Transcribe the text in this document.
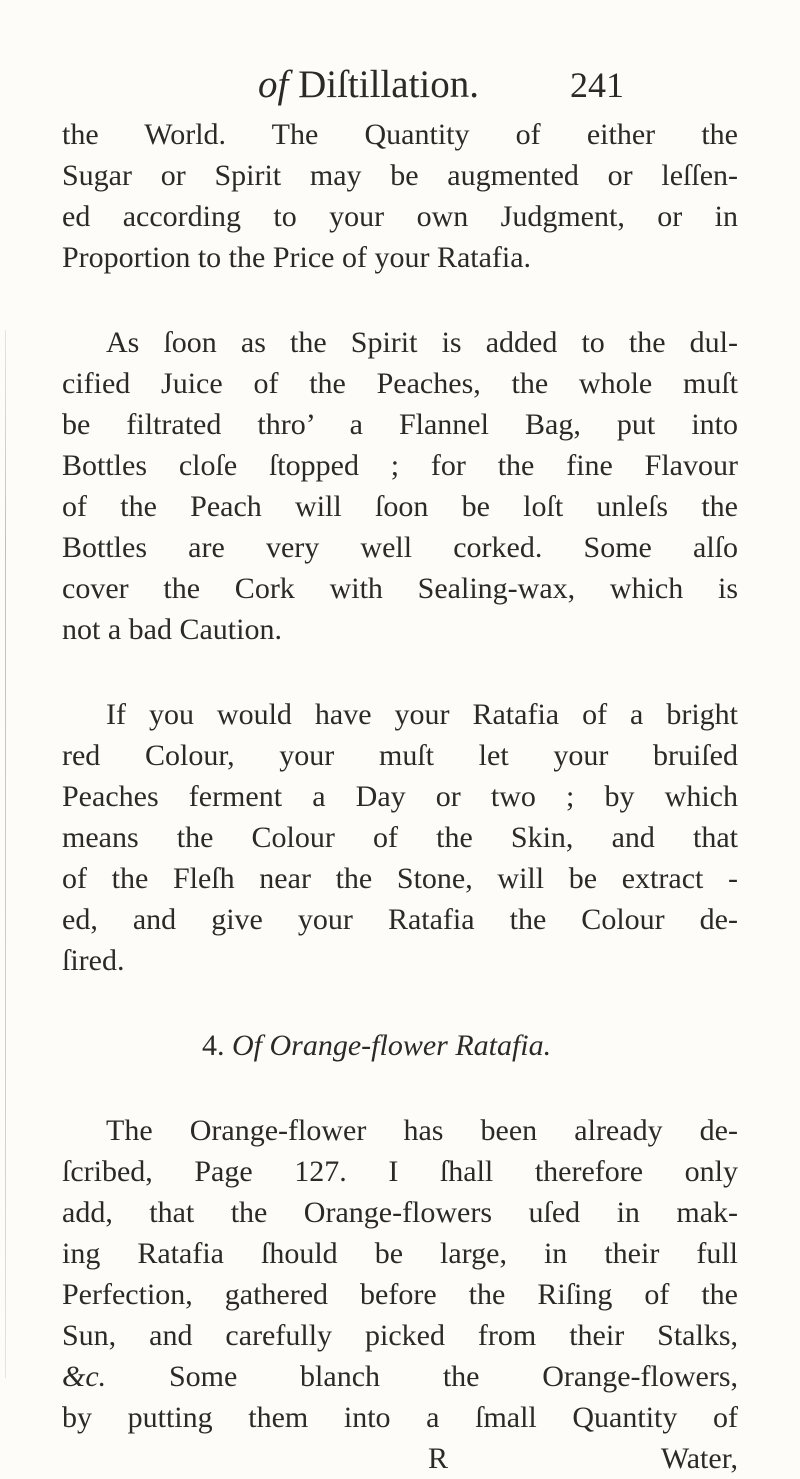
of Diſtillation.	241
the World. The Quantity of either the
Sugar or Spirit may be augmented or leſſen-
ed according to your own Judgment, or in
Proportion to the Price of your Ratafia.
As ſoon as the Spirit is added to the dul-
cified Juice of the Peaches, the whole muſt
be filtrated thro’ a Flannel Bag, put into
Bottles cloſe ſtopped ; for the fine Flavour
of the Peach will ſoon be loſt unleſs the
Bottles are very well corked. Some alſo
cover the Cork with Sealing-wax, which is
not a bad Caution.
If you would have your Ratafia of a bright
red Colour, your muſt let your bruiſed
Peaches ferment a Day or two ; by which
means the Colour of the Skin, and that
of the Fleſh near the Stone, will be extract -
ed, and give your Ratafia the Colour de-
ſired.
4. Of Orange-flower Ratafia.
The Orange-flower has been already de-
ſcribed, Page 127. I ſhall therefore only
add, that the Orange-flowers uſed in mak-
ing Ratafia ſhould be large, in their full
Perfection, gathered before the Riſing of the
Sun, and carefully picked from their Stalks,
&c. Some blanch the Orange-flowers,
by putting them into a ſmall Quantity of
R	Water,
